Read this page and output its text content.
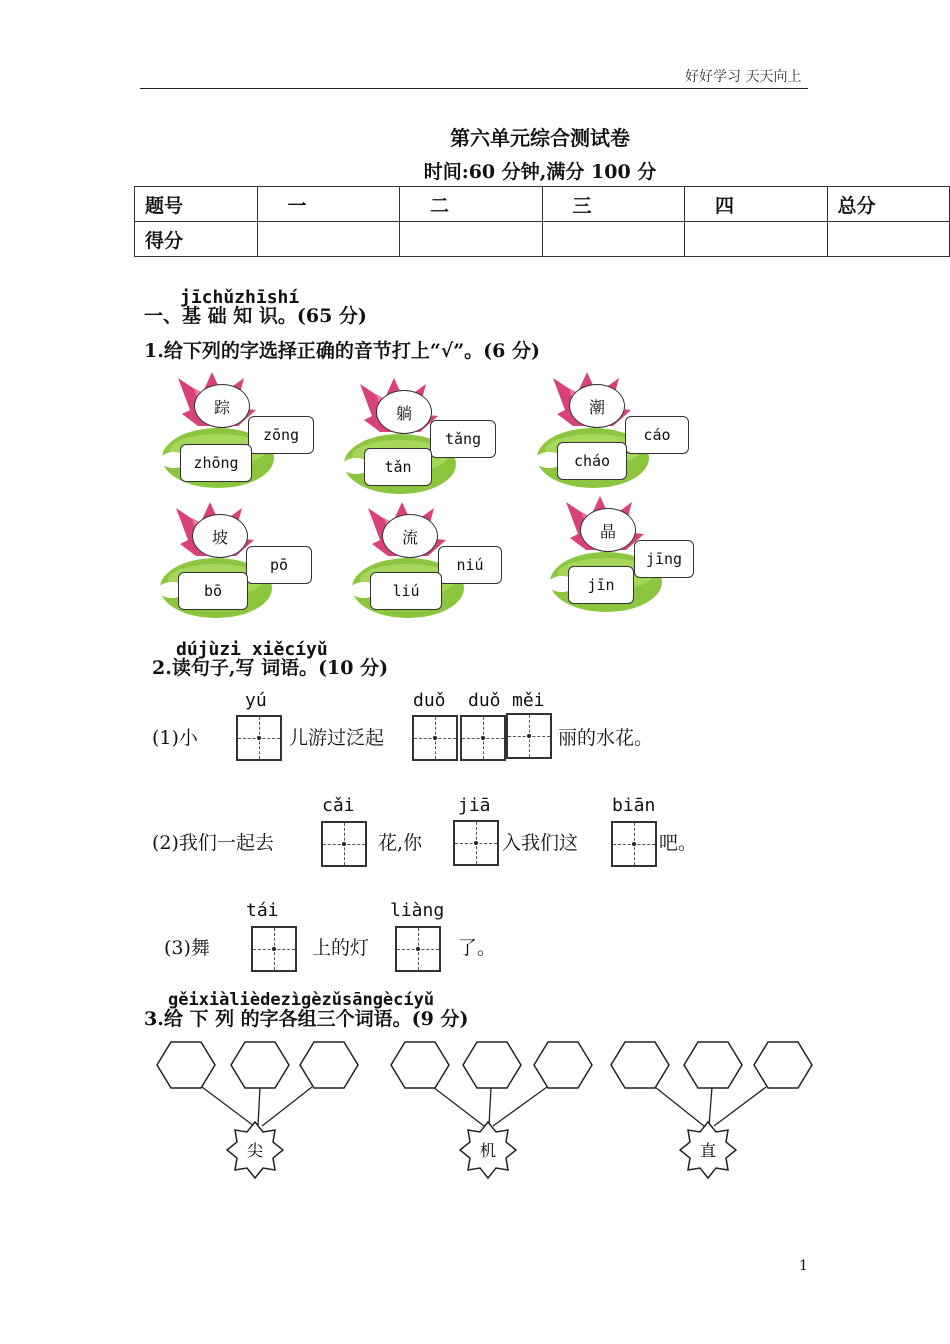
好好学习 天天向上
第六单元综合测试卷
时间:60 分钟,满分 100 分
题号	一	二	三	四	总分
得分					
jīchǔzhīshí
一、基 础 知 识。(65 分)
1.给下列的字选择正确的音节打上“√”。(6 分)
踪
zōng
zhōng
躺
tǎng
tǎn
潮
cáo
cháo
坡
pō
bō
流
niú
liú
晶
jīng
jīn
dújùzi xiěcíyǔ
2.读句子,写 词语。(10 分)
yú	duǒ duǒ měi
(1)小	儿游过泛起	丽的水花。
cǎi	jiā	biān
(2)我们一起去	花,你	入我们这	吧。
tái	liàng
(3)舞	上的灯	了。
gěixiàlièdezìgèzǔsāngècíyǔ
3.给 下 列 的字各组三个词语。(9 分)
尖	机	直
1
